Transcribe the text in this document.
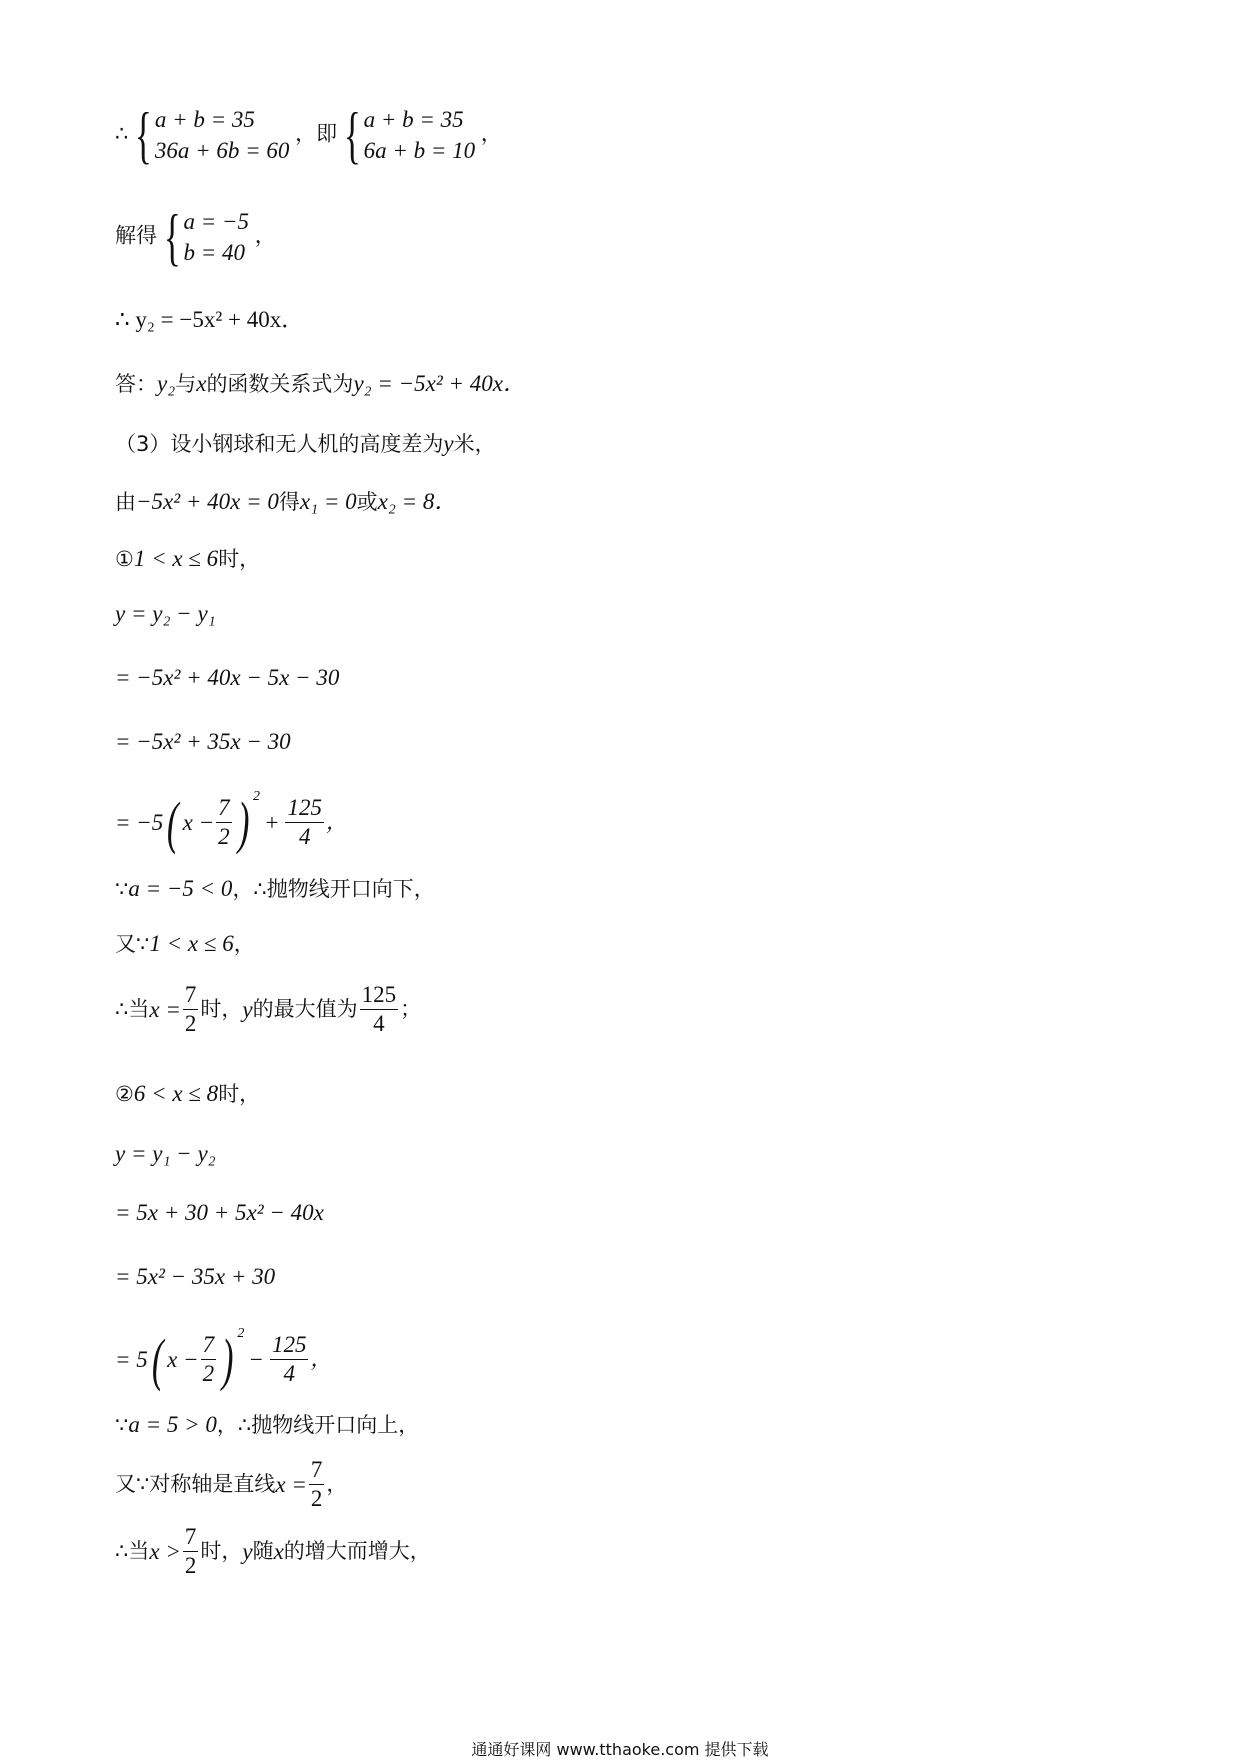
∴ { a + b = 35
36a + 6b = 60
，即 { a + b = 35
6a + b = 10
，
解得 { a = −5
b = 40
，
∴ y₂ = −5x² + 40x．
答：y₂与x的函数关系式为y₂ = −5x² + 40x．
（3）设小钢球和无人机的高度差为y米，
由−5x² + 40x = 0得x₁ = 0或x₂ = 8．
①1 < x ≤ 6时，
y = y₂ − y₁
= −5x² + 40x − 5x − 30
= −5x² + 35x − 30
= −5( $x - \frac{7}{2}$ ) $^2+ \frac{125}{4}$ ，
∵a = −5 < 0，∴抛物线开口向下，
又∵1 < x ≤ 6，
∴当$x = \frac{7}{2}$ 时，y的最大值为 $\frac{125}{4}$ ；
②6 < x ≤ 8时，
y = y₁ − y₂
= 5x + 30 + 5x² − 40x
= 5x² − 35x + 30
= 5( $x - \frac{7}{2}$ ) $^2- \frac{125}{4}$ ，
∵a = 5 > 0，∴抛物线开口向上，
又∵对称轴是直线$x = \frac{7}{2}$ ，
∴当$x > \frac{7}{2}$ 时，y随x的增大而增大，
通通好课网 www.tthaoke.com 提供下载
